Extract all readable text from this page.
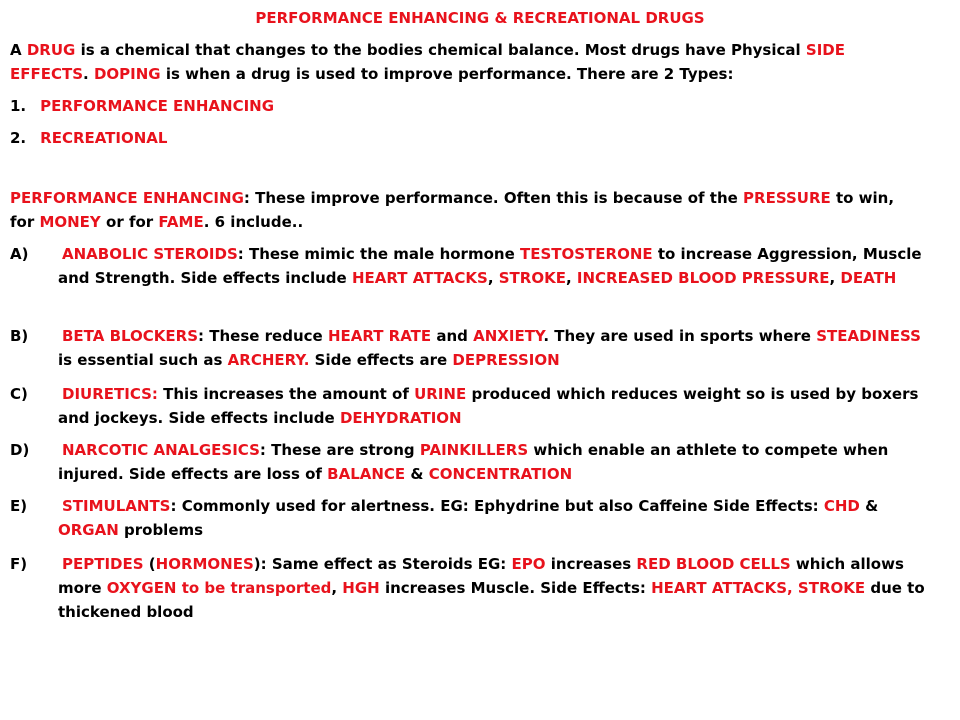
PERFORMANCE ENHANCING & RECREATIONAL DRUGS
A DRUG is a chemical that changes to the bodies chemical balance. Most drugs have Physical SIDE
EFFECTS. DOPING is when a drug is used to improve performance. There are 2 Types:
1. PERFORMANCE ENHANCING
2. RECREATIONAL
PERFORMANCE ENHANCING: These improve performance. Often this is because of the PRESSURE to win,
for MONEY or for FAME. 6 include..
A)	ANABOLIC STEROIDS: These mimic the male hormone TESTOSTERONE to increase Aggression, Muscle and Strength. Side effects include HEART ATTACKS, STROKE, INCREASED BLOOD PRESSURE, DEATH
B)	BETA BLOCKERS: These reduce HEART RATE and ANXIETY. They are used in sports where STEADINESS is essential such as ARCHERY. Side effects are DEPRESSION
C)	DIURETICS: This increases the amount of URINE produced which reduces weight so is used by boxers and jockeys. Side effects include DEHYDRATION
D)	NARCOTIC ANALGESICS: These are strong PAINKILLERS which enable an athlete to compete when injured. Side effects are loss of BALANCE & CONCENTRATION
E)	STIMULANTS: Commonly used for alertness. EG: Ephydrine but also Caffeine Side Effects: CHD & ORGAN problems
F)	PEPTIDES (HORMONES): Same effect as Steroids EG: EPO increases RED BLOOD CELLS which allows more OXYGEN to be transported, HGH increases Muscle. Side Effects: HEART ATTACKS, STROKE due to thickened blood
